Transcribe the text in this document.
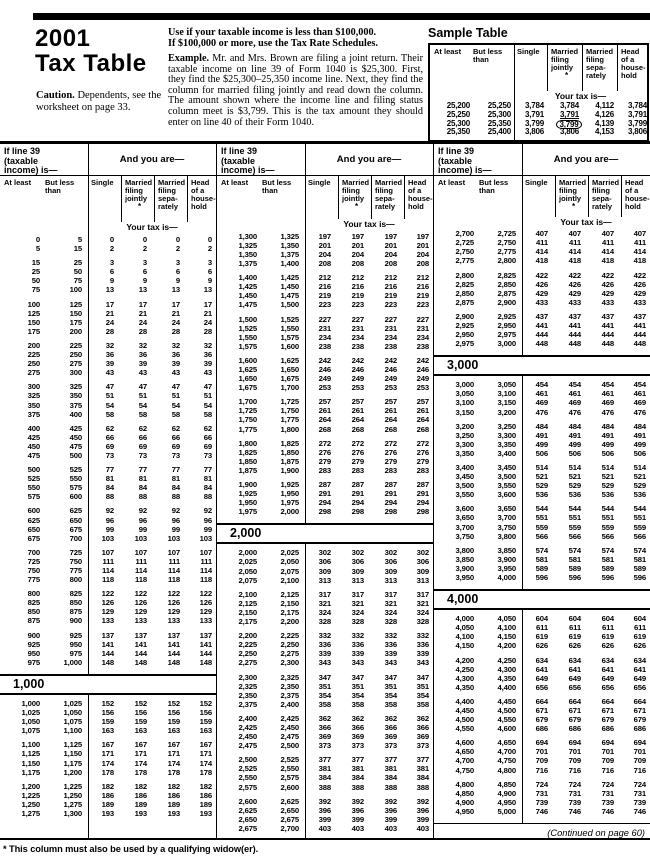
2001
Tax Table
Caution. Dependents, see the worksheet on page 33.
Use if your taxable income is less than $100,000.
If $100,000 or more, use the Tax Rate Schedules.
Example. Mr. and Mrs. Brown are filing a joint return. Their taxable income on line 39 of Form 1040 is $25,300. First, they find the $25,300–25,350 income line. Next, they find the column for married filing jointly and read down the column. The amount shown where the income line and filing status column meet is $3,799. This is the tax amount they should enter on line 40 of their Form 1040.
Sample Table
At least	But less than
Single	Married filing jointly
*
Married filing sepa- rately
Head of a house- hold
Your tax is—
25,200	25,250	3,784	3,784	4,112	3,784
25,250	25,300	3,791	3,791	4,126	3,791
25,300	25,350	3,799	3,799	4,139	3,799
25,350	25,400	3,806	3,806	4,153	3,806
If line 39 (taxable income) is—
And you are—
At least	But less than
Single	Married filing jointly
*
Married filing sepa- rately
Head of a house- hold
Your tax is—
0	5	0	0	0	0
5	15	2	2	2	2
15	25	3	3	3	3
25	50	6	6	6	6
50	75	9	9	9	9
75	100	13	13	13	13
100	125	17	17	17	17
125	150	21	21	21	21
150	175	24	24	24	24
175	200	28	28	28	28
200	225	32	32	32	32
225	250	36	36	36	36
250	275	39	39	39	39
275	300	43	43	43	43
300	325	47	47	47	47
325	350	51	51	51	51
350	375	54	54	54	54
375	400	58	58	58	58
400	425	62	62	62	62
425	450	66	66	66	66
450	475	69	69	69	69
475	500	73	73	73	73
500	525	77	77	77	77
525	550	81	81	81	81
550	575	84	84	84	84
575	600	88	88	88	88
600	625	92	92	92	92
625	650	96	96	96	96
650	675	99	99	99	99
675	700	103	103	103	103
700	725	107	107	107	107
725	750	111	111	111	111
750	775	114	114	114	114
775	800	118	118	118	118
800	825	122	122	122	122
825	850	126	126	126	126
850	875	129	129	129	129
875	900	133	133	133	133
900	925	137	137	137	137
925	950	141	141	141	141
950	975	144	144	144	144
975	1,000	148	148	148	148
1,000
1,000	1,025	152	152	152	152
1,025	1,050	156	156	156	156
1,050	1,075	159	159	159	159
1,075	1,100	163	163	163	163
1,100	1,125	167	167	167	167
1,125	1,150	171	171	171	171
1,150	1,175	174	174	174	174
1,175	1,200	178	178	178	178
1,200	1,225	182	182	182	182
1,225	1,250	186	186	186	186
1,250	1,275	189	189	189	189
1,275	1,300	193	193	193	193
If line 39 (taxable income) is—
And you are—
At least	But less than
Single	Married filing jointly
*
Married filing sepa- rately
Head of a house- hold
Your tax is—
1,300	1,325	197	197	197	197
1,325	1,350	201	201	201	201
1,350	1,375	204	204	204	204
1,375	1,400	208	208	208	208
1,400	1,425	212	212	212	212
1,425	1,450	216	216	216	216
1,450	1,475	219	219	219	219
1,475	1,500	223	223	223	223
1,500	1,525	227	227	227	227
1,525	1,550	231	231	231	231
1,550	1,575	234	234	234	234
1,575	1,600	238	238	238	238
1,600	1,625	242	242	242	242
1,625	1,650	246	246	246	246
1,650	1,675	249	249	249	249
1,675	1,700	253	253	253	253
1,700	1,725	257	257	257	257
1,725	1,750	261	261	261	261
1,750	1,775	264	264	264	264
1,775	1,800	268	268	268	268
1,800	1,825	272	272	272	272
1,825	1,850	276	276	276	276
1,850	1,875	279	279	279	279
1,875	1,900	283	283	283	283
1,900	1,925	287	287	287	287
1,925	1,950	291	291	291	291
1,950	1,975	294	294	294	294
1,975	2,000	298	298	298	298
2,000
2,000	2,025	302	302	302	302
2,025	2,050	306	306	306	306
2,050	2,075	309	309	309	309
2,075	2,100	313	313	313	313
2,100	2,125	317	317	317	317
2,125	2,150	321	321	321	321
2,150	2,175	324	324	324	324
2,175	2,200	328	328	328	328
2,200	2,225	332	332	332	332
2,225	2,250	336	336	336	336
2,250	2,275	339	339	339	339
2,275	2,300	343	343	343	343
2,300	2,325	347	347	347	347
2,325	2,350	351	351	351	351
2,350	2,375	354	354	354	354
2,375	2,400	358	358	358	358
2,400	2,425	362	362	362	362
2,425	2,450	366	366	366	366
2,450	2,475	369	369	369	369
2,475	2,500	373	373	373	373
2,500	2,525	377	377	377	377
2,525	2,550	381	381	381	381
2,550	2,575	384	384	384	384
2,575	2,600	388	388	388	388
2,600	2,625	392	392	392	392
2,625	2,650	396	396	396	396
2,650	2,675	399	399	399	399
2,675	2,700	403	403	403	403
If line 39 (taxable income) is—
And you are—
At least	But less than
Single	Married filing jointly
*
Married filing sepa- rately
Head of a house- hold
Your tax is—
2,700	2,725	407	407	407	407
2,725	2,750	411	411	411	411
2,750	2,775	414	414	414	414
2,775	2,800	418	418	418	418
2,800	2,825	422	422	422	422
2,825	2,850	426	426	426	426
2,850	2,875	429	429	429	429
2,875	2,900	433	433	433	433
2,900	2,925	437	437	437	437
2,925	2,950	441	441	441	441
2,950	2,975	444	444	444	444
2,975	3,000	448	448	448	448
3,000
3,000	3,050	454	454	454	454
3,050	3,100	461	461	461	461
3,100	3,150	469	469	469	469
3,150	3,200	476	476	476	476
3,200	3,250	484	484	484	484
3,250	3,300	491	491	491	491
3,300	3,350	499	499	499	499
3,350	3,400	506	506	506	506
3,400	3,450	514	514	514	514
3,450	3,500	521	521	521	521
3,500	3,550	529	529	529	529
3,550	3,600	536	536	536	536
3,600	3,650	544	544	544	544
3,650	3,700	551	551	551	551
3,700	3,750	559	559	559	559
3,750	3,800	566	566	566	566
3,800	3,850	574	574	574	574
3,850	3,900	581	581	581	581
3,900	3,950	589	589	589	589
3,950	4,000	596	596	596	596
4,000
4,000	4,050	604	604	604	604
4,050	4,100	611	611	611	611
4,100	4,150	619	619	619	619
4,150	4,200	626	626	626	626
4,200	4,250	634	634	634	634
4,250	4,300	641	641	641	641
4,300	4,350	649	649	649	649
4,350	4,400	656	656	656	656
4,400	4,450	664	664	664	664
4,450	4,500	671	671	671	671
4,500	4,550	679	679	679	679
4,550	4,600	686	686	686	686
4,600	4,650	694	694	694	694
4,650	4,700	701	701	701	701
4,700	4,750	709	709	709	709
4,750	4,800	716	716	716	716
4,800	4,850	724	724	724	724
4,850	4,900	731	731	731	731
4,900	4,950	739	739	739	739
4,950	5,000	746	746	746	746
(Continued on page 60)
* This column must also be used by a qualifying widow(er).
